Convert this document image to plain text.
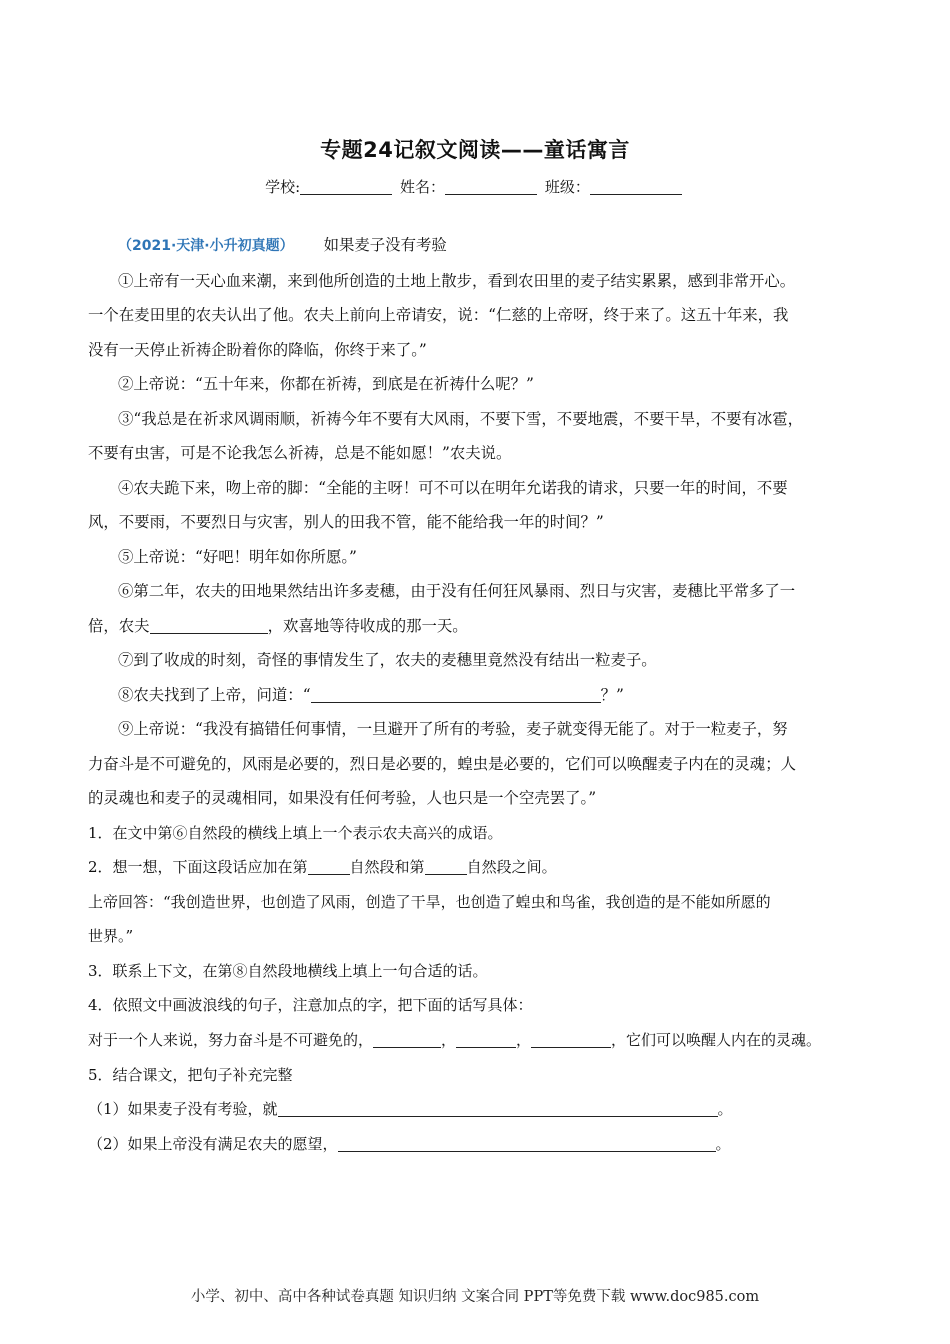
专题24记叙文阅读——童话寓言
学校:	姓名：	班级：
（2021·天津·小升初真题） 如果麦子没有考验
①上帝有一天心血来潮，来到他所创造的土地上散步，看到农田里的麦子结实累累，感到非常开心。
一个在麦田里的农夫认出了他。农夫上前向上帝请安，说：“仁慈的上帝呀，终于来了。这五十年来，我
没有一天停止祈祷企盼着你的降临，你终于来了。”
②上帝说：“五十年来，你都在祈祷，到底是在祈祷什么呢？”
③“我总是在祈求风调雨顺，祈祷今年不要有大风雨，不要下雪，不要地震，不要干旱，不要有冰雹，
不要有虫害，可是不论我怎么祈祷，总是不能如愿！”农夫说。
④农夫跪下来，吻上帝的脚：“全能的主呀！可不可以在明年允诺我的请求，只要一年的时间，不要
风，不要雨，不要烈日与灾害，别人的田我不管，能不能给我一年的时间？”
⑤上帝说：“好吧！明年如你所愿。”
⑥第二年，农夫的田地果然结出许多麦穗，由于没有任何狂风暴雨、烈日与灾害，麦穗比平常多了一
倍，农夫	，欢喜地等待收成的那一天。
⑦到了收成的时刻，奇怪的事情发生了，农夫的麦穗里竟然没有结出一粒麦子。
⑧农夫找到了上帝，问道：“	？”
⑨上帝说：“我没有搞错任何事情，一旦避开了所有的考验，麦子就变得无能了。对于一粒麦子，努
力奋斗是不可避免的，风雨是必要的，烈日是必要的，蝗虫是必要的，它们可以唤醒麦子内在的灵魂；人
的灵魂也和麦子的灵魂相同，如果没有任何考验，人也只是一个空壳罢了。”
1．在文中第⑥自然段的横线上填上一个表示农夫高兴的成语。
2．想一想，下面这段话应加在第	自然段和第	自然段之间。
上帝回答：“我创造世界，也创造了风雨，创造了干旱，也创造了蝗虫和鸟雀，我创造的是不能如所愿的
世界。”
3．联系上下文，在第⑧自然段地横线上填上一句合适的话。
4．依照文中画波浪线的句子，注意加点的字，把下面的话写具体：
对于一个人来说，努力奋斗是不可避免的，	，	，	，它们可以唤醒人内在的灵魂。
5．结合课文，把句子补充完整
（1）如果麦子没有考验，就	。
（2）如果上帝没有满足农夫的愿望，	。
小学、初中、高中各种试卷真题 知识归纳 文案合同 PPT等免费下载 www.doc985.com
